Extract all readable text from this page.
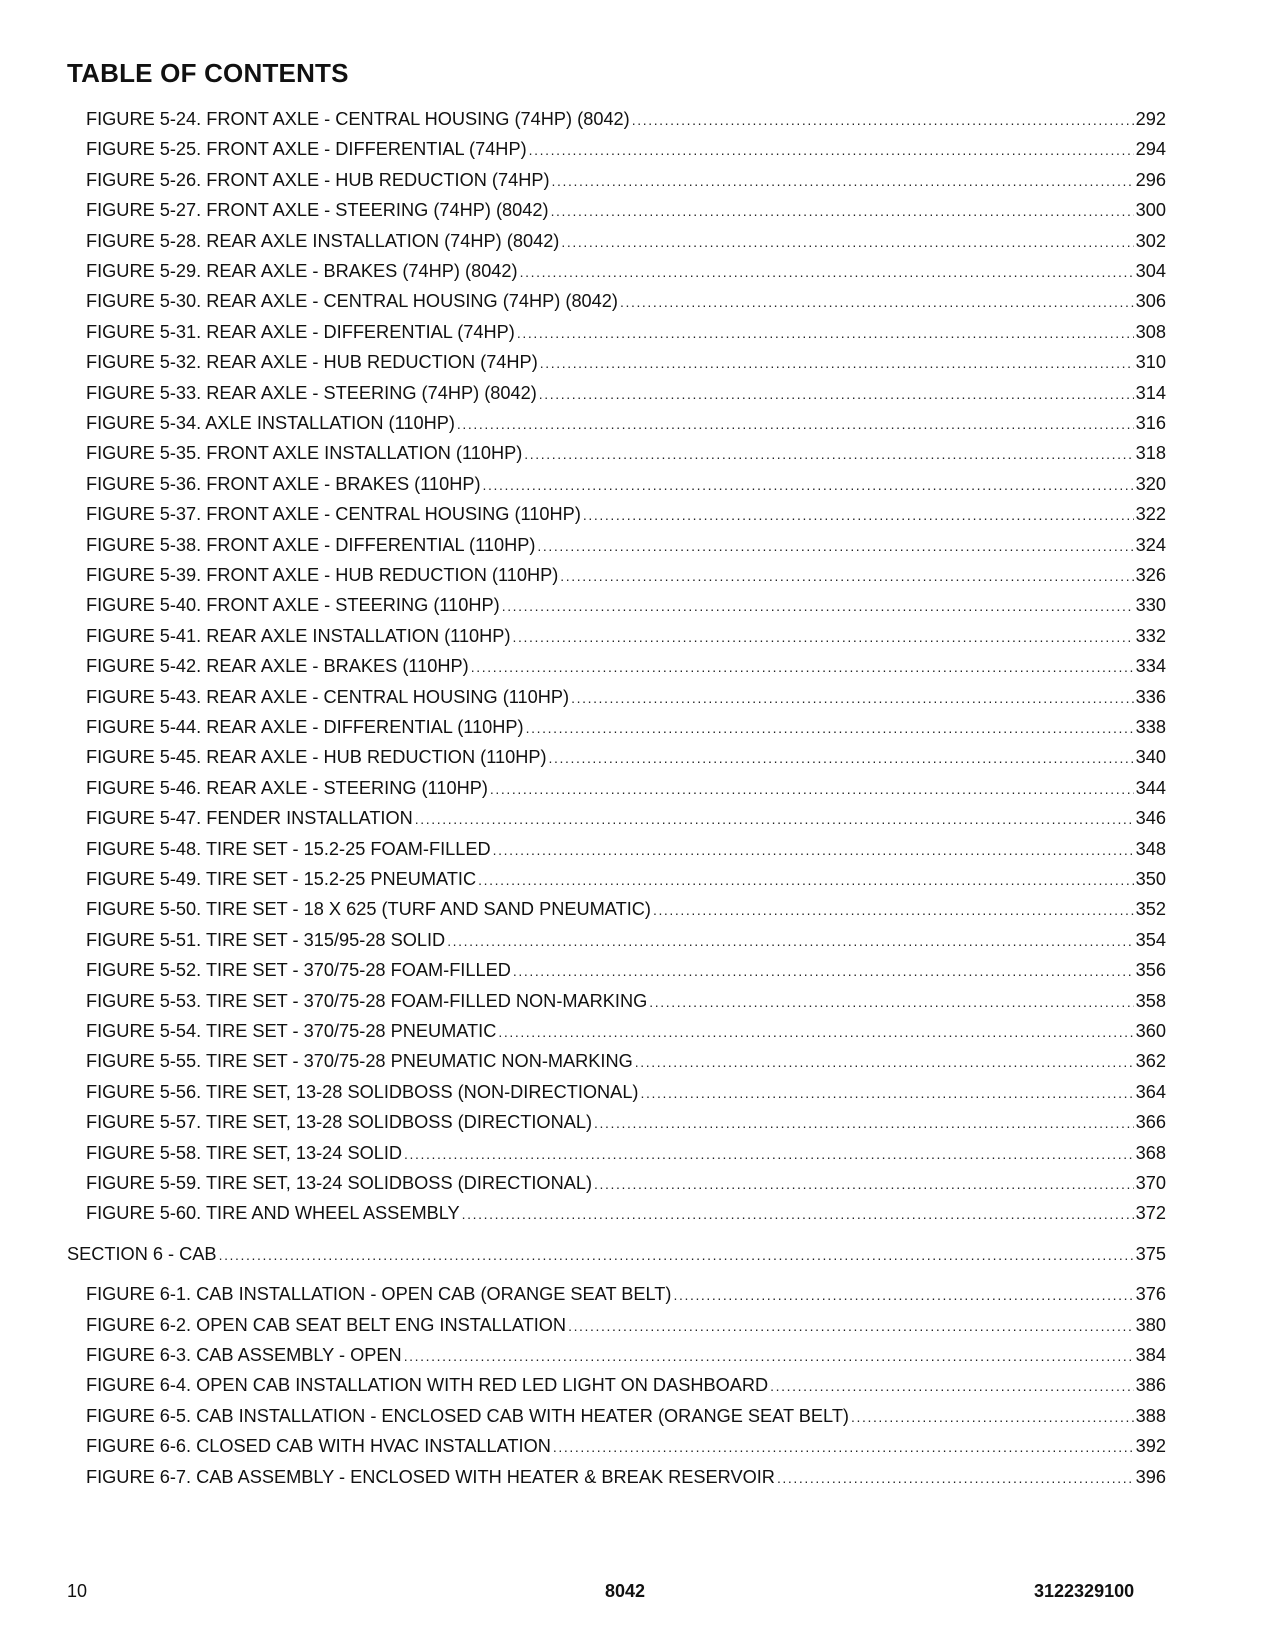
TABLE OF CONTENTS
FIGURE 5-24. FRONT AXLE - CENTRAL HOUSING (74HP) (8042) .....	292
FIGURE 5-25. FRONT AXLE - DIFFERENTIAL (74HP) .....	294
FIGURE 5-26. FRONT AXLE - HUB REDUCTION (74HP) .....	296
FIGURE 5-27. FRONT AXLE - STEERING (74HP) (8042) .....	300
FIGURE 5-28. REAR AXLE INSTALLATION (74HP) (8042) .....	302
FIGURE 5-29. REAR AXLE - BRAKES (74HP) (8042) .....	304
FIGURE 5-30. REAR AXLE - CENTRAL HOUSING (74HP) (8042) .....	306
FIGURE 5-31. REAR AXLE - DIFFERENTIAL (74HP) .....	308
FIGURE 5-32. REAR AXLE - HUB REDUCTION (74HP) .....	310
FIGURE 5-33. REAR AXLE - STEERING (74HP) (8042) .....	314
FIGURE 5-34. AXLE INSTALLATION (110HP) .....	316
FIGURE 5-35. FRONT AXLE INSTALLATION (110HP) .....	318
FIGURE 5-36. FRONT AXLE - BRAKES (110HP) .....	320
FIGURE 5-37. FRONT AXLE - CENTRAL HOUSING (110HP) .....	322
FIGURE 5-38. FRONT AXLE - DIFFERENTIAL (110HP) .....	324
FIGURE 5-39. FRONT AXLE - HUB REDUCTION (110HP) .....	326
FIGURE 5-40. FRONT AXLE - STEERING (110HP) .....	330
FIGURE 5-41. REAR AXLE INSTALLATION (110HP) .....	332
FIGURE 5-42. REAR AXLE - BRAKES (110HP) .....	334
FIGURE 5-43. REAR AXLE - CENTRAL HOUSING (110HP) .....	336
FIGURE 5-44. REAR AXLE - DIFFERENTIAL (110HP) .....	338
FIGURE 5-45. REAR AXLE - HUB REDUCTION (110HP) .....	340
FIGURE 5-46. REAR AXLE - STEERING (110HP) .....	344
FIGURE 5-47. FENDER INSTALLATION .....	346
FIGURE 5-48. TIRE SET - 15.2-25 FOAM-FILLED .....	348
FIGURE 5-49. TIRE SET - 15.2-25 PNEUMATIC .....	350
FIGURE 5-50. TIRE SET - 18 X 625 (TURF AND SAND PNEUMATIC) .....	352
FIGURE 5-51. TIRE SET - 315/95-28 SOLID .....	354
FIGURE 5-52. TIRE SET - 370/75-28 FOAM-FILLED .....	356
FIGURE 5-53. TIRE SET - 370/75-28 FOAM-FILLED NON-MARKING .....	358
FIGURE 5-54. TIRE SET - 370/75-28 PNEUMATIC .....	360
FIGURE 5-55. TIRE SET - 370/75-28 PNEUMATIC NON-MARKING .....	362
FIGURE 5-56. TIRE SET, 13-28 SOLIDBOSS (NON-DIRECTIONAL) .....	364
FIGURE 5-57. TIRE SET, 13-28 SOLIDBOSS (DIRECTIONAL) .....	366
FIGURE 5-58. TIRE SET, 13-24 SOLID .....	368
FIGURE 5-59. TIRE SET, 13-24 SOLIDBOSS (DIRECTIONAL) .....	370
FIGURE 5-60. TIRE AND WHEEL ASSEMBLY .....	372
SECTION 6 - CAB .....	375
FIGURE 6-1. CAB INSTALLATION - OPEN CAB (ORANGE SEAT BELT) .....	376
FIGURE 6-2. OPEN CAB SEAT BELT ENG INSTALLATION .....	380
FIGURE 6-3. CAB ASSEMBLY - OPEN .....	384
FIGURE 6-4. OPEN CAB INSTALLATION WITH RED LED LIGHT ON DASHBOARD .....	386
FIGURE 6-5. CAB INSTALLATION - ENCLOSED CAB WITH HEATER (ORANGE SEAT BELT) .....	388
FIGURE 6-6. CLOSED CAB WITH HVAC INSTALLATION .....	392
FIGURE 6-7. CAB ASSEMBLY - ENCLOSED WITH HEATER & BREAK RESERVOIR .....	396
10	8042	3122329100
